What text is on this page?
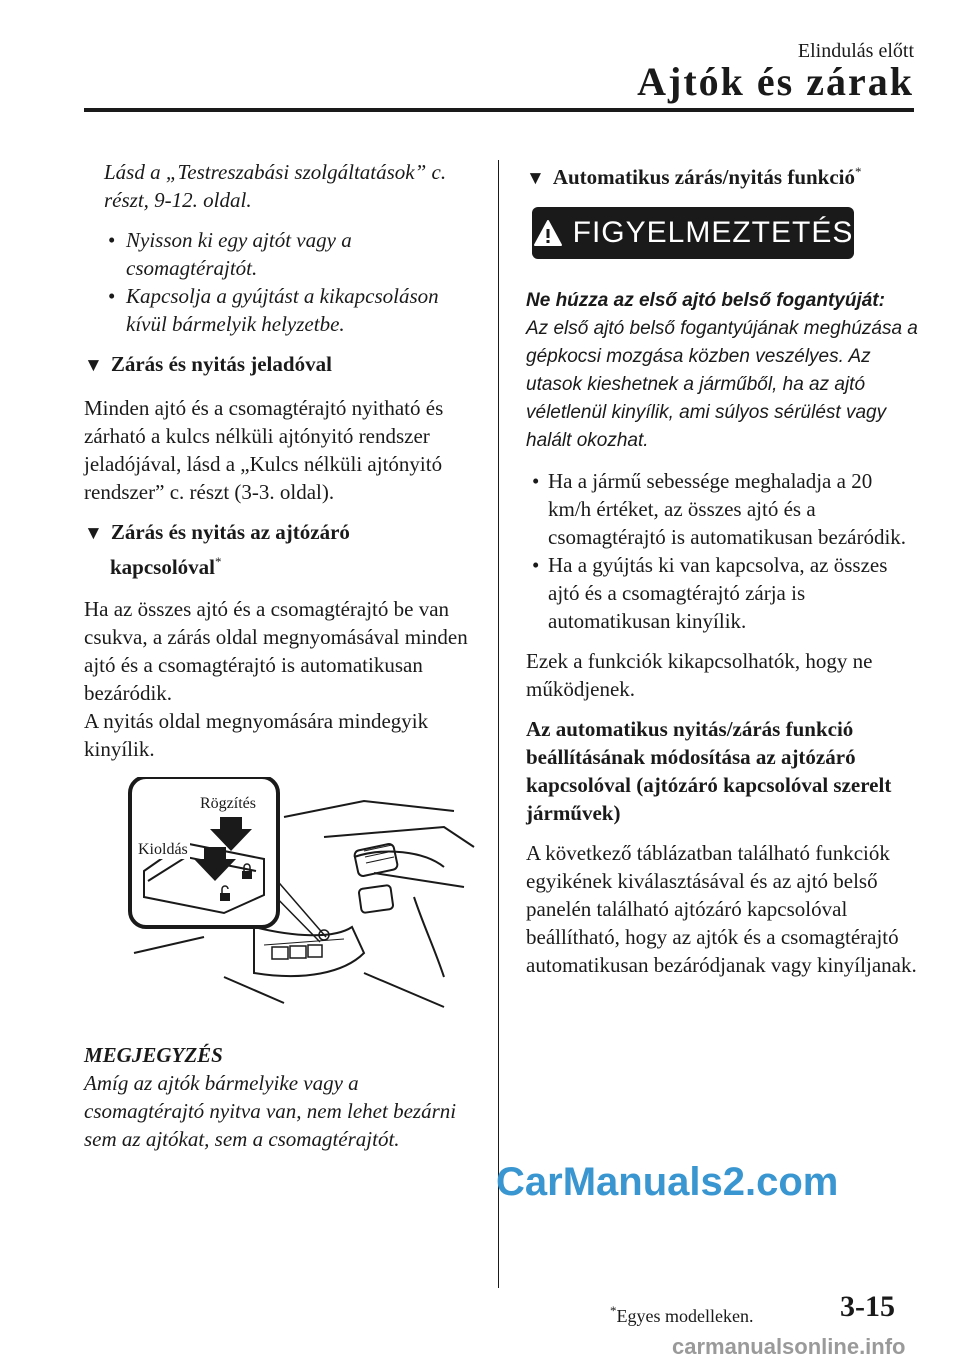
Elindulás előtt
Ajtók és zárak

Lásd a „Testreszabási szolgáltatások” c. részt, 9-12. oldal.

• Nyisson ki egy ajtót vagy a csomagtérajtót.
• Kapcsolja a gyújtást a kikapcsoláson kívül bármelyik helyzetbe.
▼ Zárás és nyitás jeladóval

Minden ajtó és a csomagtérajtó nyitható és zárható a kulcs nélküli ajtónyitó rendszer jeladójával, lásd a „Kulcs nélküli ajtónyitó rendszer” c. részt (3-3. oldal).

▼ Zárás és nyitás az ajtózáró
kapcsolóval*

Ha az összes ajtó és a csomagtérajtó be van csukva, a zárás oldal megnyomásával minden ajtó és a csomagtérajtó is automatikusan bezáródik.

A nyitás oldal megnyomására mindegyik kinyílik.

Rögzítés
Kioldás

MEGJEGYZÉS

Amíg az ajtók bármelyike vagy a csomagtérajtó nyitva van, nem lehet bezárni sem az ajtókat, sem a csomagtérajtót.

▼ Automatikus zárás/nyitás funkció*
FIGYELMEZTETÉS

Ne húzza az első ajtó belső fogantyúját:
Az első ajtó belső fogantyújának meghúzása a gépkocsi mozgása közben veszélyes. Az utasok kieshetnek a járműből, ha az ajtó véletlenül kinyílik, ami súlyos sérülést vagy halált okozhat.

• Ha a jármű sebessége meghaladja a 20 km/h értéket, az összes ajtó és a csomagtérajtó is automatikusan bezáródik.
• Ha a gyújtás ki van kapcsolva, az összes ajtó és a csomagtérajtó zárja is automatikusan kinyílik.

Ezek a funkciók kikapcsolhatók, hogy ne működjenek.

Az automatikus nyitás/zárás funkció beállításának módosítása az ajtózáró kapcsolóval (ajtózáró kapcsolóval szerelt járművek)

A következő táblázatban található funkciók egyikének kiválasztásával és az ajtó belső panelén található ajtózáró kapcsolóval beállítható, hogy az ajtók és a csomagtérajtó automatikusan bezáródjanak vagy kinyíljanak.

CarManuals2.com
*Egyes modelleken.	3-15
carmanualsonline.info
